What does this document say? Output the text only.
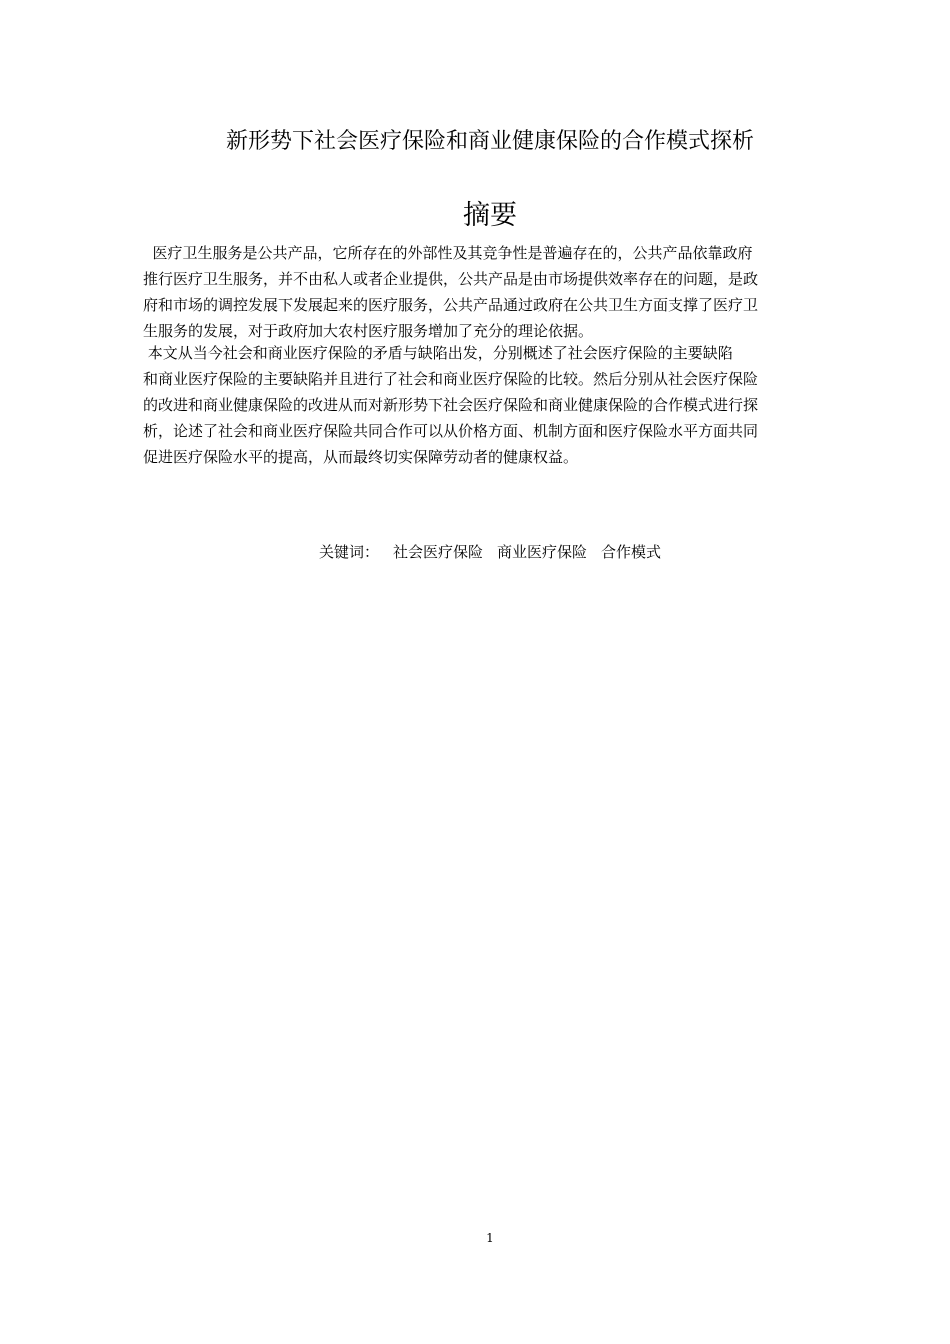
新形势下社会医疗保险和商业健康保险的合作模式探析
摘要
医疗卫生服务是公共产品，它所存在的外部性及其竞争性是普遍存在的，公共产品依靠政府
推行医疗卫生服务，并不由私人或者企业提供，公共产品是由市场提供效率存在的问题，是政
府和市场的调控发展下发展起来的医疗服务，公共产品通过政府在公共卫生方面支撑了医疗卫
生服务的发展，对于政府加大农村医疗服务增加了充分的理论依据。
本文从当今社会和商业医疗保险的矛盾与缺陷出发，分别概述了社会医疗保险的主要缺陷
和商业医疗保险的主要缺陷并且进行了社会和商业医疗保险的比较。然后分别从社会医疗保险
的改进和商业健康保险的改进从而对新形势下社会医疗保险和商业健康保险的合作模式进行探
析，论述了社会和商业医疗保险共同合作可以从价格方面、机制方面和医疗保险水平方面共同
促进医疗保险水平的提高，从而最终切实保障劳动者的健康权益。
关键词： 社会医疗保险 商业医疗保险 合作模式
1
